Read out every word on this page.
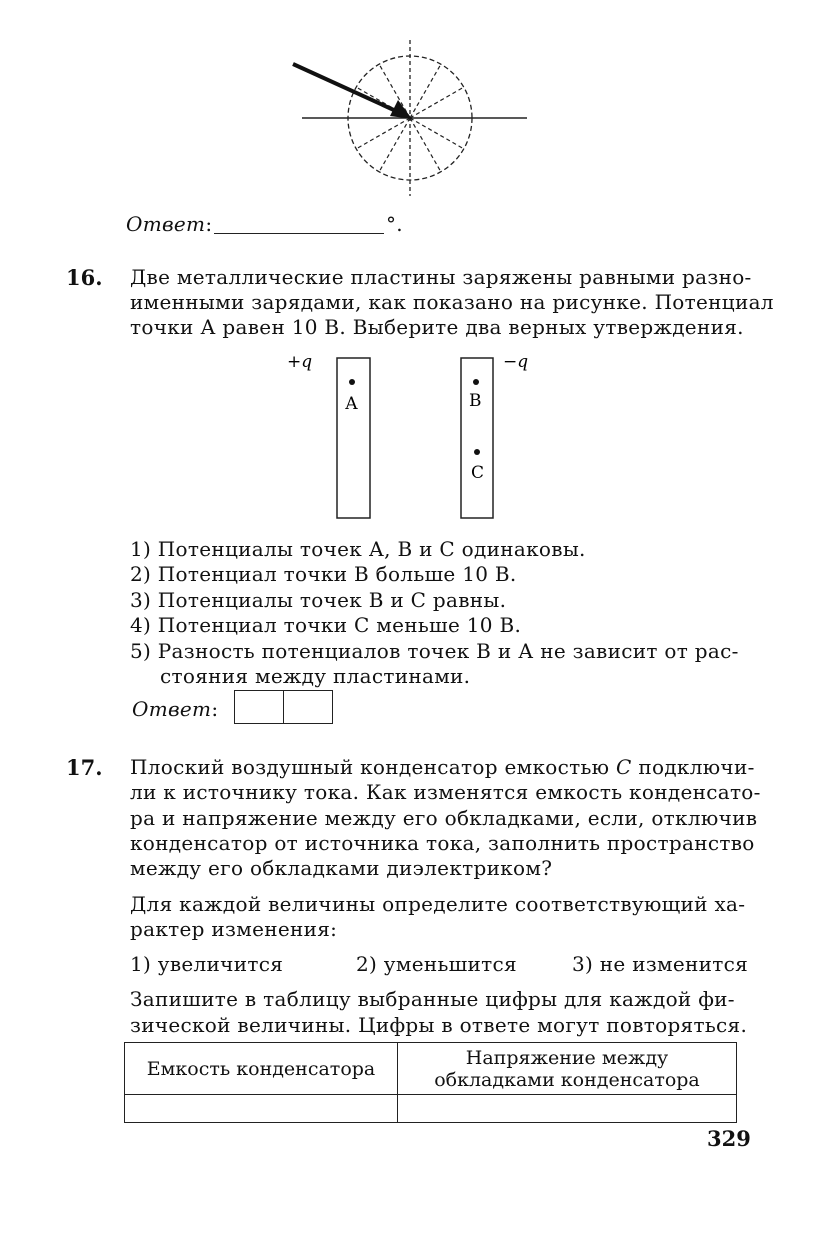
Ответ:	°.
16. Две металлические пластины заряжены равными разно-
именными зарядами, как показано на рисунке. Потенциал
точки А равен 10 В. Выберите два верных утверждения.
+q	−q
А	В
С
1) Потенциалы точек А, В и С одинаковы.
2) Потенциал точки В больше 10 В.
3) Потенциалы точек В и С равны.
4) Потенциал точки С меньше 10 В.
5) Разность потенциалов точек В и А не зависит от рас-
стояния между пластинами.
Ответ:
17. Плоский воздушный конденсатор емкостью C подключи-
ли к источнику тока. Как изменятся емкость конденсато-
ра и напряжение между его обкладками, если, отключив
конденсатор от источника тока, заполнить пространство
между его обкладками диэлектриком?
Для каждой величины определите соответствующий ха-
рактер изменения:
1) увеличится	2) уменьшится	3) не изменится
Запишите в таблицу выбранные цифры для каждой фи-
зической величины. Цифры в ответе могут повторяться.
Емкость конденсатора	Напряжение между
обкладками конденсатора

329
